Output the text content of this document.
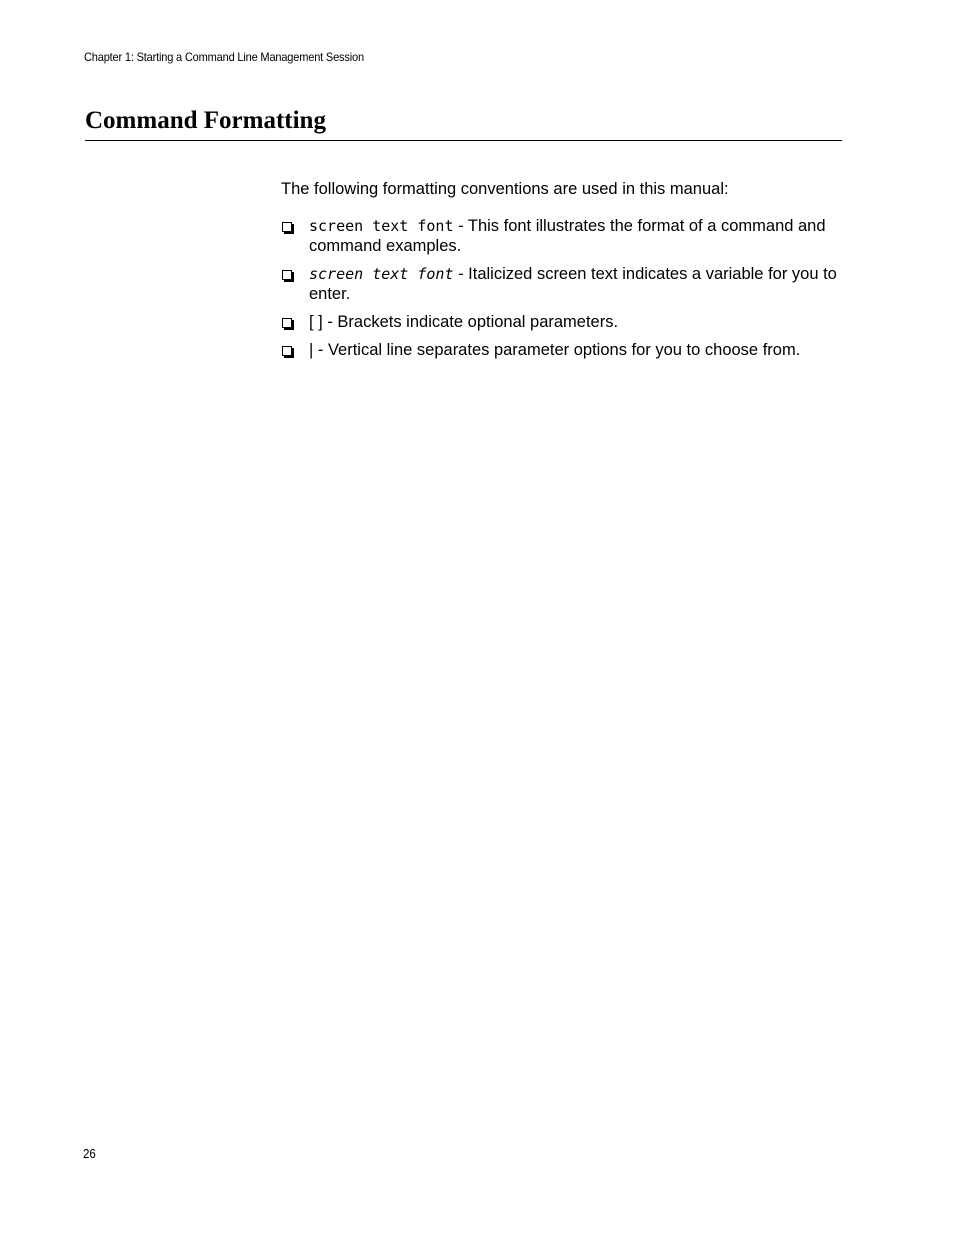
Chapter 1: Starting a Command Line Management Session
Command Formatting

The following formatting conventions are used in this manual:

screen text font - This font illustrates the format of a command and command examples.
screen text font - Italicized screen text indicates a variable for you to enter.
[ ] - Brackets indicate optional parameters.
| - Vertical line separates parameter options for you to choose from.
26
